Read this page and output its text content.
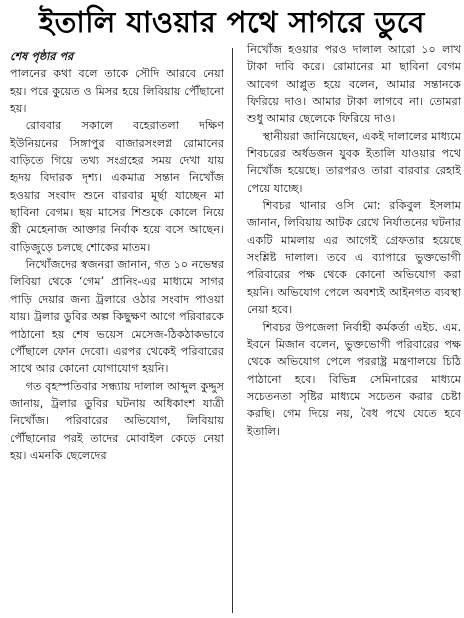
ইতালি যাওয়ার পথে সাগরে ডুবে

শেষ পৃষ্ঠার পর

পালনের কথা বলে তাকে সৌদি আরবে নেয়া হয়। পরে কুয়েত ও মিসর হয়ে লিবিয়ায় পৌঁছানো হয়।

রোববার সকালে বহেরাতলা দক্ষিণ ইউনিয়নের সিঙ্গাপুর বাজারসংলগ্ন রোমানের বাড়িতে গিয়ে তথ্য সংগ্রহের সময় দেখা যায় হৃদয় বিদারক দৃশ্য। একমাত্র সন্তান নিখোঁজ হওয়ার সংবাদ শুনে বারবার মূর্ছা যাচ্ছেন মা ছাবিনা বেগম। ছয় মাসের শিশুকে কোলে নিয়ে স্ত্রী মেহেনাজ আক্তার নির্বাক হয়ে বসে আছেন। বাড়িজুড়ে চলছে শোকের মাতম।

নিখোঁজদের স্বজনরা জানান, গত ১০ নভেম্বর লিবিয়া থেকে ‘গেম’ প্রানিং-এর মাধ্যমে সাগর পাড়ি দেয়ার জন্য ট্রলারে ওঠার সংবাদ পাওয়া যায়। ট্রলার ডুবির অল্প কিছুক্ষণ আগে পরিবারকে পাঠানো হয় শেষ ভয়েস মেসেজ-ঠিকঠাকভাবে পৌঁছালে ফোন দেবো। এরপর থেকেই পরিবারের সাথে আর কোনো যোগাযোগ হয়নি।

গত বৃহস্পতিবার সন্ধ্যায় দালাল আব্দুল কুদ্দুস জানায়, ট্রলার ডুবির ঘটনায় অধিকাংশ যাত্রী নিখোঁজ। পরিবারের অভিযোগ, লিবিয়ায় পৌঁছানোর পরই তাদের মোবাইল কেড়ে নেয়া হয়। এমনকি ছেলেদের

নিখোঁজ হওয়ার পরও দালাল আরো ১০ লাখ টাকা দাবি করে। রোমানের মা ছাবিনা বেগম আবেগ আপ্লুত হয়ে বলেন, আমার সন্তানকে ফিরিয়ে দাও। আমার টাকা লাগবে না। তোমরা শুধু আমার ছেলেকে ফিরিয়ে দাও।

স্থানীয়রা জানিয়েছেন, একই দালালের মাধ্যমে শিবচরের অর্ধডজন যুবক ইতালি যাওয়ার পথে নিখোঁজ হয়েছে। তারপরও তারা বারবার রেহাই পেয়ে যাচ্ছে।

শিবচর থানার ওসি মো: রকিবুল ইসলাম জানান, লিবিয়ায় আটক রেখে নির্যাতনের ঘটনার একটি মামলায় এর আগেই গ্রেফতার হয়েছে সংশ্লিষ্ট দালাল। তবে এ ব্যাপারে ভুক্তভোগী পরিবারের পক্ষ থেকে কোনো অভিযোগ করা হয়নি। অভিযোগ পেলে অবশ্যই আইনগত ব্যবস্থা নেয়া হবে।

শিবচর উপজেলা নির্বাহী কর্মকর্তা এইচ. এম. ইবনে মিজান বলেন, ভুক্তভোগী পরিবারের পক্ষ থেকে অভিযোগ পেলে পররাষ্ট্র মন্ত্রণালয়ে চিঠি পাঠানো হবে। বিভিন্ন সেমিনারের মাধ্যমে সচেতনতা সৃষ্টির মাধ্যমে সচেতন করার চেষ্টা করছি। গেম দিয়ে নয়, বৈধ পথে যেতে হবে ইতালি।
